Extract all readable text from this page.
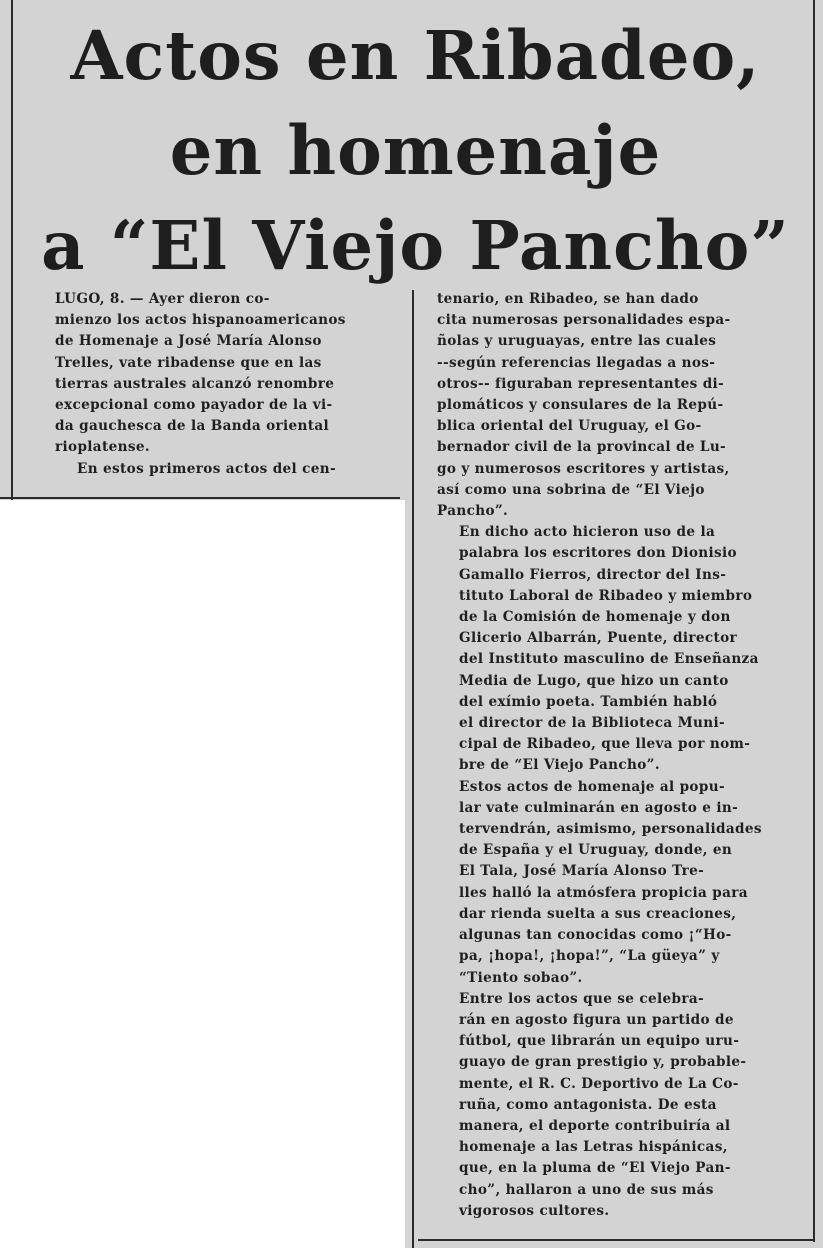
Actos en Ribadeo,
en homenaje
a “El Viejo Pancho”

LUGO, 8. — Ayer dieron co-
mienzo los actos hispanoamericanos
de Homenaje a José María Alonso
Trelles, vate ribadense que en las
tierras australes alcanzó renombre
excepcional como payador de la vi-
da gauchesca de la Banda oriental
rioplatense.

En estos primeros actos del cen-

tenario, en Ribadeo, se han dado
cita numerosas personalidades espa-
ñolas y uruguayas, entre las cuales
--según referencias llegadas a nos-
otros-- figuraban representantes di-
plomáticos y consulares de la Repú-
blica oriental del Uruguay, el Go-
bernador civil de la provincal de Lu-
go y numerosos escritores y artistas,
así como una sobrina de “El Viejo
Pancho”.

En dicho acto hicieron uso de la
palabra los escritores don Dionisio
Gamallo Fierros, director del Ins-
tituto Laboral de Ribadeo y miembro
de la Comisión de homenaje y don
Glicerio Albarrán, Puente, director
del Instituto masculino de Enseñanza
Media de Lugo, que hizo un canto
del exímio poeta. También habló
el director de la Biblioteca Muni-
cipal de Ribadeo, que lleva por nom-
bre de “El Viejo Pancho”.

Estos actos de homenaje al popu-
lar vate culminarán en agosto e in-
tervendrán, asimismo, personalidades
de España y el Uruguay, donde, en
El Tala, José María Alonso Tre-
lles halló la atmósfera propicia para
dar rienda suelta a sus creaciones,
algunas tan conocidas como ¡“Ho-
pa, ¡hopa!, ¡hopa!”, “La güeya” y
“Tiento sobao”.

Entre los actos que se celebra-
rán en agosto figura un partido de
fútbol, que librarán un equipo uru-
guayo de gran prestigio y, probable-
mente, el R. C. Deportivo de La Co-
ruña, como antagonista. De esta
manera, el deporte contribuiría al
homenaje a las Letras hispánicas,
que, en la pluma de “El Viejo Pan-
cho”, hallaron a uno de sus más
vigorosos cultores.
